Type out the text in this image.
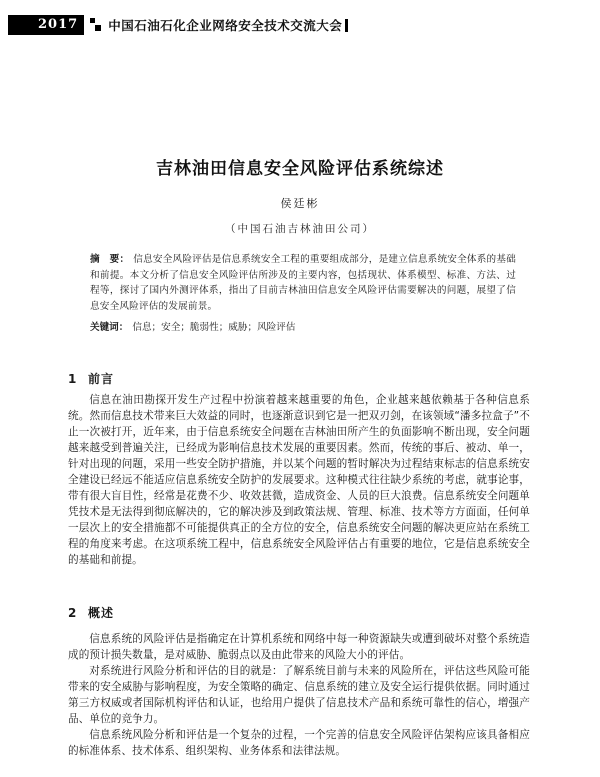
2017	中国石油石化企业网络安全技术交流大会
吉林油田信息安全风险评估系统综述
侯廷彬
（中国石油吉林油田公司）
摘　要： 信息安全风险评估是信息系统安全工程的重要组成部分，是建立信息系统安全体系的基础和前提。本文分析了信息安全风险评估所涉及的主要内容，包括现状、体系模型、标准、方法、过程等，探讨了国内外测评体系，指出了目前吉林油田信息安全风险评估需要解决的问题，展望了信息安全风险评估的发展前景。
关键词： 信息；安全；脆弱性；威胁；风险评估
1 前言

信息在油田勘探开发生产过程中扮演着越来越重要的角色，企业越来越依赖基于各种信息系统。然而信息技术带来巨大效益的同时，也逐渐意识到它是一把双刃剑，在该领域“潘多拉盒子”不止一次被打开，近年来，由于信息系统安全问题在吉林油田所产生的负面影响不断出现，安全问题越来越受到普遍关注，已经成为影响信息技术发展的重要因素。然而，传统的事后、被动、单一，针对出现的问题，采用一些安全防护措施，并以某个问题的暂时解决为过程结束标志的信息系统安全建设已经远不能适应信息系统安全防护的发展要求。这种模式往往缺少系统的考虑，就事论事，带有很大盲目性，经常是花费不少、收效甚微，造成资金、人员的巨大浪费。信息系统安全问题单凭技术是无法得到彻底解决的，它的解决涉及到政策法规、管理、标准、技术等方方面面，任何单一层次上的安全措施都不可能提供真正的全方位的安全，信息系统安全问题的解决更应站在系统工程的角度来考虑。在这项系统工程中，信息系统安全风险评估占有重要的地位，它是信息系统安全的基础和前提。

2 概述

信息系统的风险评估是指确定在计算机系统和网络中每一种资源缺失或遭到破坏对整个系统造成的预计损失数量，是对威胁、脆弱点以及由此带来的风险大小的评估。

对系统进行风险分析和评估的目的就是：了解系统目前与未来的风险所在，评估这些风险可能带来的安全威胁与影响程度，为安全策略的确定、信息系统的建立及安全运行提供依据。同时通过第三方权威或者国际机构评估和认证，也给用户提供了信息技术产品和系统可靠性的信心，增强产品、单位的竞争力。

信息系统风险分析和评估是一个复杂的过程，一个完善的信息安全风险评估架构应该具备相应的标准体系、技术体系、组织架构、业务体系和法律法规。
